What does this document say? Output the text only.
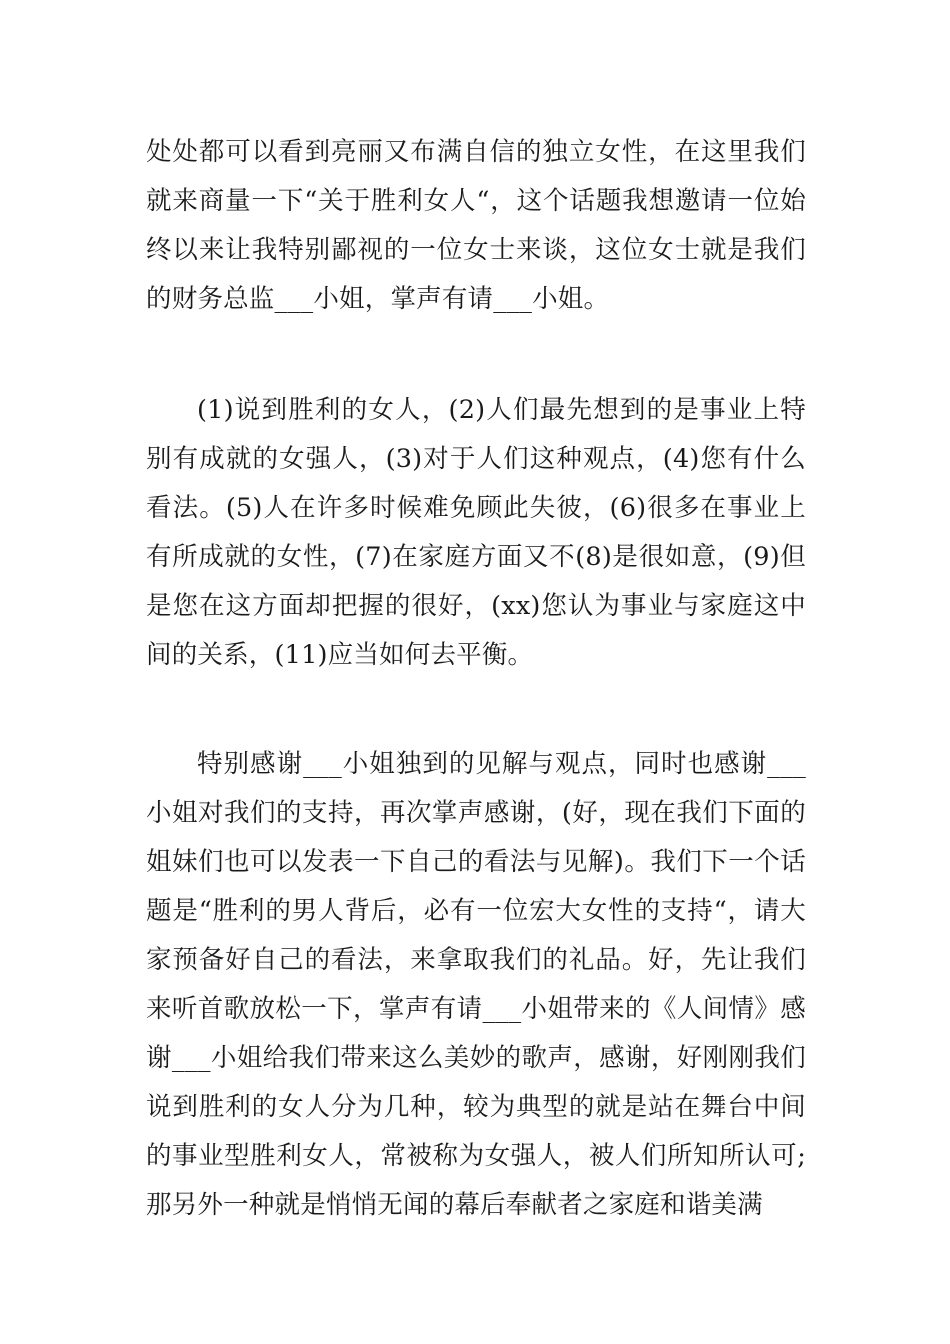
处处都可以看到亮丽又布满自信的独立女性，在这里我们就来商量一下“关于胜利女人“，这个话题我想邀请一位始终以来让我特别鄙视的一位女士来谈，这位女士就是我们的财务总监___小姐，掌声有请___小姐。

(1)说到胜利的女人，(2)人们最先想到的是事业上特别有成就的女强人，(3)对于人们这种观点，(4)您有什么看法。(5)人在许多时候难免顾此失彼，(6)很多在事业上有所成就的女性，(7)在家庭方面又不(8)是很如意，(9)但是您在这方面却把握的很好，(xx)您认为事业与家庭这中间的关系，(11)应当如何去平衡。

特别感谢___小姐独到的见解与观点，同时也感谢___小姐对我们的支持，再次掌声感谢，(好，现在我们下面的姐妹们也可以发表一下自己的看法与见解)。我们下一个话题是“胜利的男人背后，必有一位宏大女性的支持“，请大家预备好自己的看法，来拿取我们的礼品。好，先让我们来听首歌放松一下，掌声有请___小姐带来的《人间情》感谢___小姐给我们带来这么美妙的歌声，感谢，好刚刚我们说到胜利的女人分为几种，较为典型的就是站在舞台中间的事业型胜利女人，常被称为女强人，被人们所知所认可;那另外一种就是悄悄无闻的幕后奉献者之家庭和谐美满
